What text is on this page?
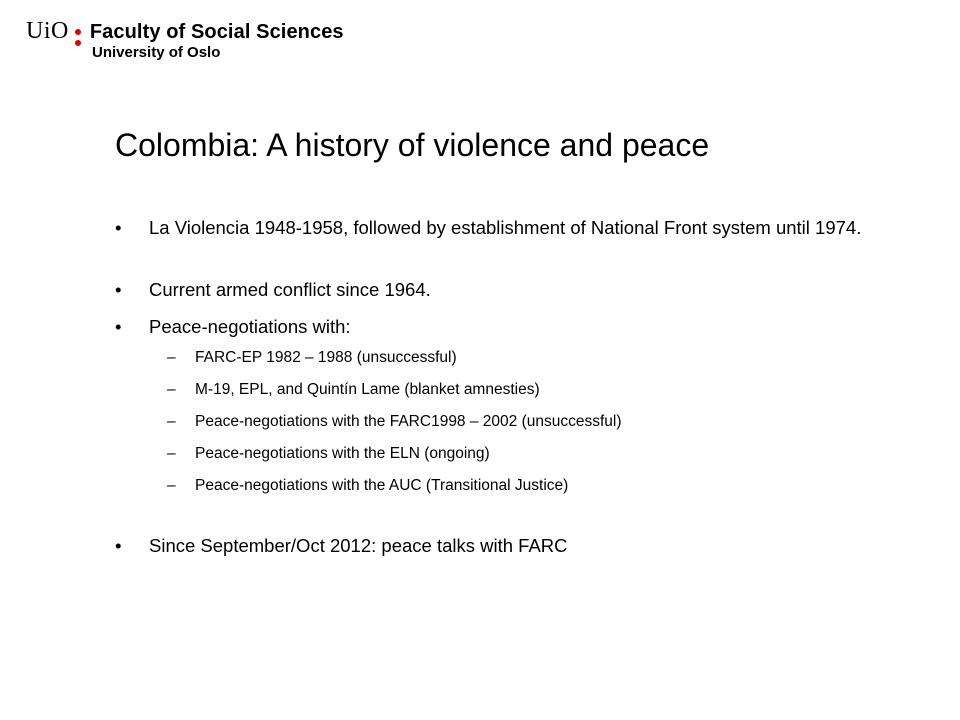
UiO Faculty of Social Sciences
University of Oslo
Colombia: A history of violence and peace
• La Violencia 1948-1958, followed by establishment of National Front system until 1974.
• Current armed conflict since 1964.
• Peace-negotiations with:
– FARC-EP 1982 – 1988 (unsuccessful)
– M-19, EPL, and Quintín Lame (blanket amnesties)
– Peace-negotiations with the FARC1998 – 2002 (unsuccessful)
– Peace-negotiations with the ELN (ongoing)
– Peace-negotiations with the AUC (Transitional Justice)
• Since September/Oct 2012: peace talks with FARC
